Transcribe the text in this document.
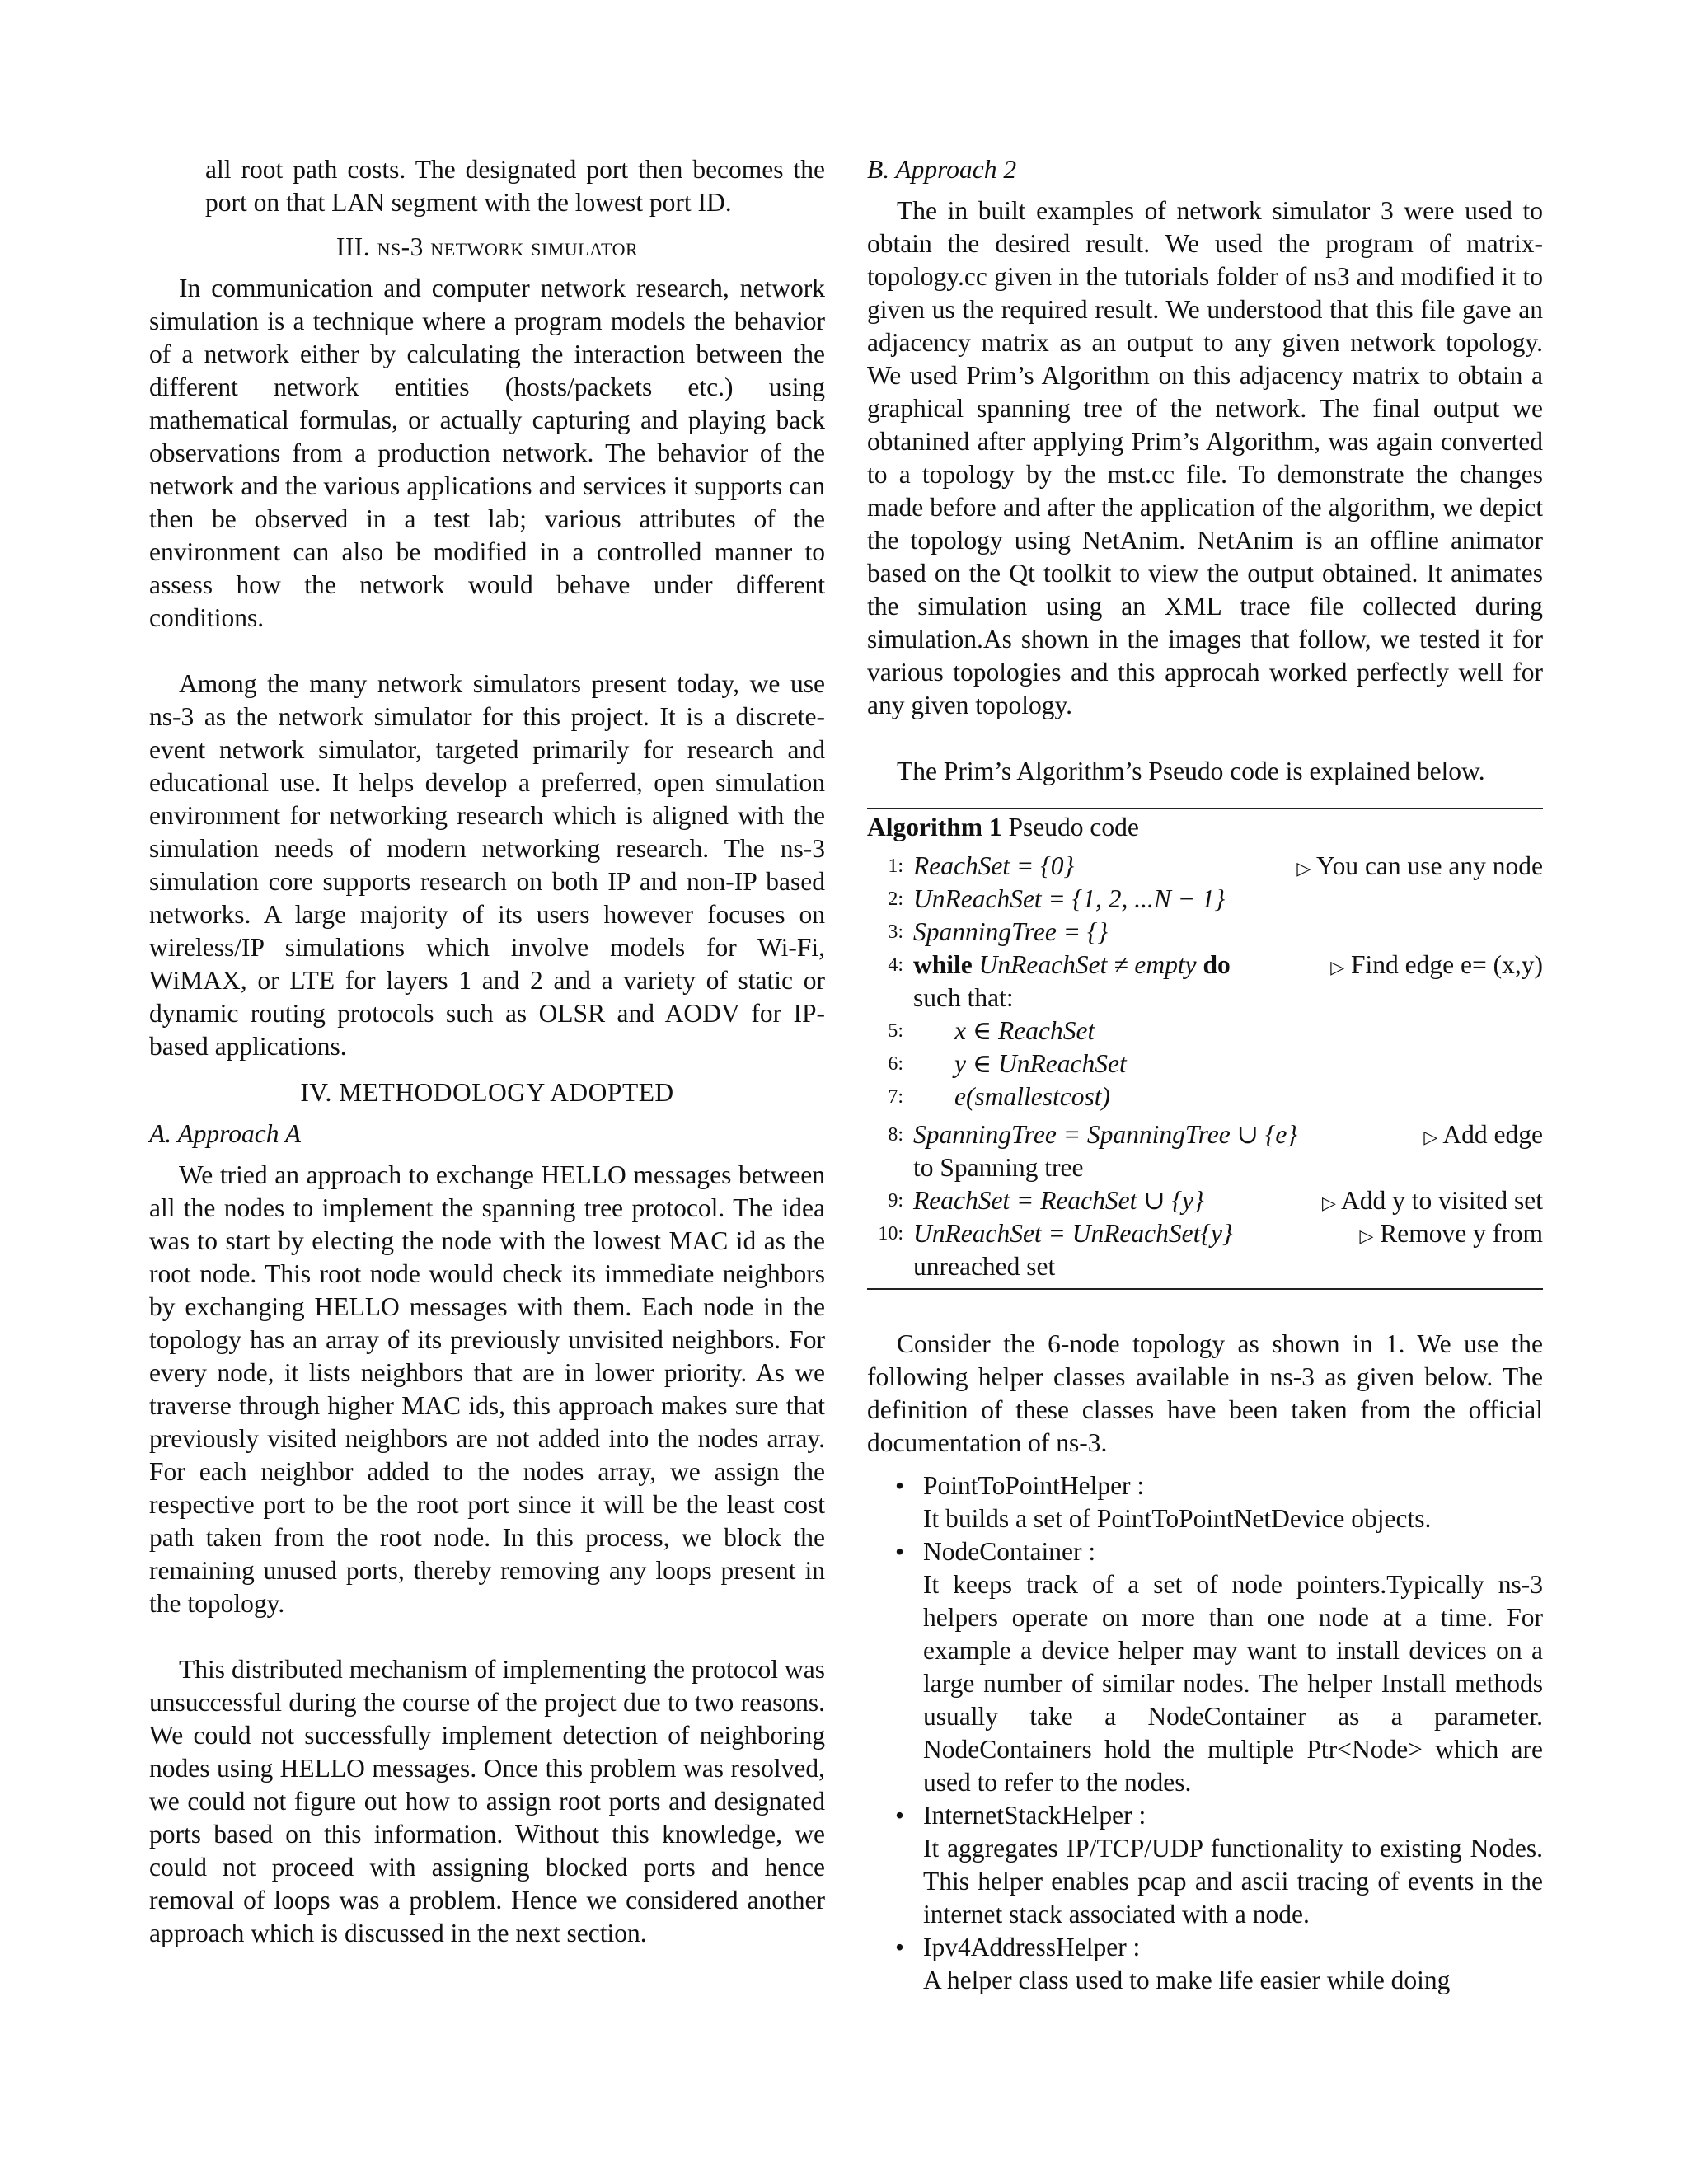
all root path costs. The designated port then becomes the port on that LAN segment with the lowest port ID.

III. ns-3 network simulator

In communication and computer network research, network simulation is a technique where a program models the behavior of a network either by calculating the interaction between the different network entities (hosts/packets etc.) using mathematical formulas, or actually capturing and playing back observations from a production network. The behavior of the network and the various applications and services it supports can then be observed in a test lab; various attributes of the environment can also be modified in a controlled manner to assess how the network would behave under different conditions.

Among the many network simulators present today, we use ns-3 as the network simulator for this project. It is a discrete-event network simulator, targeted primarily for research and educational use. It helps develop a preferred, open simulation environment for networking research which is aligned with the simulation needs of modern networking research. The ns-3 simulation core supports research on both IP and non-IP based networks. A large majority of its users however focuses on wireless/IP simulations which involve models for Wi-Fi, WiMAX, or LTE for layers 1 and 2 and a variety of static or dynamic routing protocols such as OLSR and AODV for IP-based applications.

IV. METHODOLOGY ADOPTED
A. Approach A

We tried an approach to exchange HELLO messages between all the nodes to implement the spanning tree protocol. The idea was to start by electing the node with the lowest MAC id as the root node. This root node would check its immediate neighbors by exchanging HELLO messages with them. Each node in the topology has an array of its previously unvisited neighbors. For every node, it lists neighbors that are in lower priority. As we traverse through higher MAC ids, this approach makes sure that previously visited neighbors are not added into the nodes array. For each neighbor added to the nodes array, we assign the respective port to be the root port since it will be the least cost path taken from the root node. In this process, we block the remaining unused ports, thereby removing any loops present in the topology.

This distributed mechanism of implementing the protocol was unsuccessful during the course of the project due to two reasons. We could not successfully implement detection of neighboring nodes using HELLO messages. Once this problem was resolved, we could not figure out how to assign root ports and designated ports based on this information. Without this knowledge, we could not proceed with assigning blocked ports and hence removal of loops was a problem. Hence we considered another approach which is discussed in the next section.

B. Approach 2

The in built examples of network simulator 3 were used to obtain the desired result. We used the program of matrix-topology.cc given in the tutorials folder of ns3 and modified it to given us the required result. We understood that this file gave an adjacency matrix as an output to any given network topology. We used Prim’s Algorithm on this adjacency matrix to obtain a graphical spanning tree of the network. The final output we obtanined after applying Prim’s Algorithm, was again converted to a topology by the mst.cc file. To demonstrate the changes made before and after the application of the algorithm, we depict the topology using NetAnim. NetAnim is an offline animator based on the Qt toolkit to view the output obtained. It animates the simulation using an XML trace file collected during simulation.As shown in the images that follow, we tested it for various topologies and this approcah worked perfectly well for any given topology.

The Prim’s Algorithm’s Pseudo code is explained below.

Algorithm 1 Pseudo code
1: ReachSet = {0}	▷ You can use any node
2: UnReachSet = {1, 2, ...N − 1}
3: SpanningTree = {}
4: while UnReachSet ≠ empty do	▷ Find edge e= (x,y)
such that:
5: x ∈ ReachSet
6: y ∈ UnReachSet
7: e(smallestcost)
8: SpanningTree = SpanningTree ∪ {e}	▷ Add edge
to Spanning tree
9: ReachSet = ReachSet ∪ {y}	▷ Add y to visited set
10: UnReachSet = UnReachSet{y}	▷ Remove y from
unreached set

Consider the 6-node topology as shown in 1. We use the following helper classes available in ns-3 as given below. The definition of these classes have been taken from the official documentation of ns-3.

• PointToPointHelper :
It builds a set of PointToPointNetDevice objects.
• NodeContainer :
It keeps track of a set of node pointers.Typically ns-3 helpers operate on more than one node at a time. For example a device helper may want to install devices on a large number of similar nodes. The helper Install methods usually take a NodeContainer as a parameter. NodeContainers hold the multiple Ptr<Node> which are used to refer to the nodes.
• InternetStackHelper :
It aggregates IP/TCP/UDP functionality to existing Nodes. This helper enables pcap and ascii tracing of events in the internet stack associated with a node.
• Ipv4AddressHelper :
A helper class used to make life easier while doing
